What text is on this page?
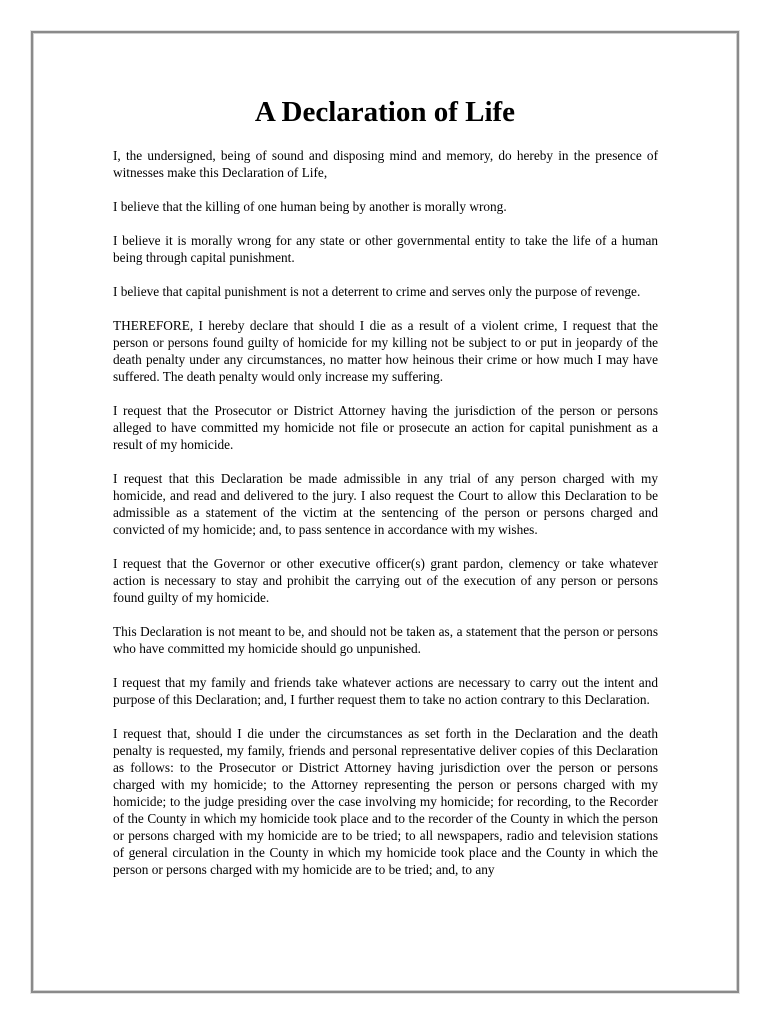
A Declaration of Life

I, the undersigned, being of sound and disposing mind and memory, do hereby in the presence of witnesses make this Declaration of Life,

I believe that the killing of one human being by another is morally wrong.

I believe it is morally wrong for any state or other governmental entity to take the life of a human being through capital punishment.

I believe that capital punishment is not a deterrent to crime and serves only the purpose of revenge.

THEREFORE, I hereby declare that should I die as a result of a violent crime, I request that the person or persons found guilty of homicide for my killing not be subject to or put in jeopardy of the death penalty under any circumstances, no matter how heinous their crime or how much I may have suffered. The death penalty would only increase my suffering.

I request that the Prosecutor or District Attorney having the jurisdiction of the person or persons alleged to have committed my homicide not file or prosecute an action for capital punishment as a result of my homicide.

I request that this Declaration be made admissible in any trial of any person charged with my homicide, and read and delivered to the jury. I also request the Court to allow this Declaration to be admissible as a statement of the victim at the sentencing of the person or persons charged and convicted of my homicide; and, to pass sentence in accordance with my wishes.

I request that the Governor or other executive officer(s) grant pardon, clemency or take whatever action is necessary to stay and prohibit the carrying out of the execution of any person or persons found guilty of my homicide.

This Declaration is not meant to be, and should not be taken as, a statement that the person or persons who have committed my homicide should go unpunished.

I request that my family and friends take whatever actions are necessary to carry out the intent and purpose of this Declaration; and, I further request them to take no action contrary to this Declaration.

I request that, should I die under the circumstances as set forth in the Declaration and the death penalty is requested, my family, friends and personal representative deliver copies of this Declaration as follows: to the Prosecutor or District Attorney having jurisdiction over the person or persons charged with my homicide; to the Attorney representing the person or persons charged with my homicide; to the judge presiding over the case involving my homicide; for recording, to the Recorder of the County in which my homicide took place and to the recorder of the County in which the person or persons charged with my homicide are to be tried; to all newspapers, radio and television stations of general circulation in the County in which my homicide took place and the County in which the person or persons charged with my homicide are to be tried; and, to any
